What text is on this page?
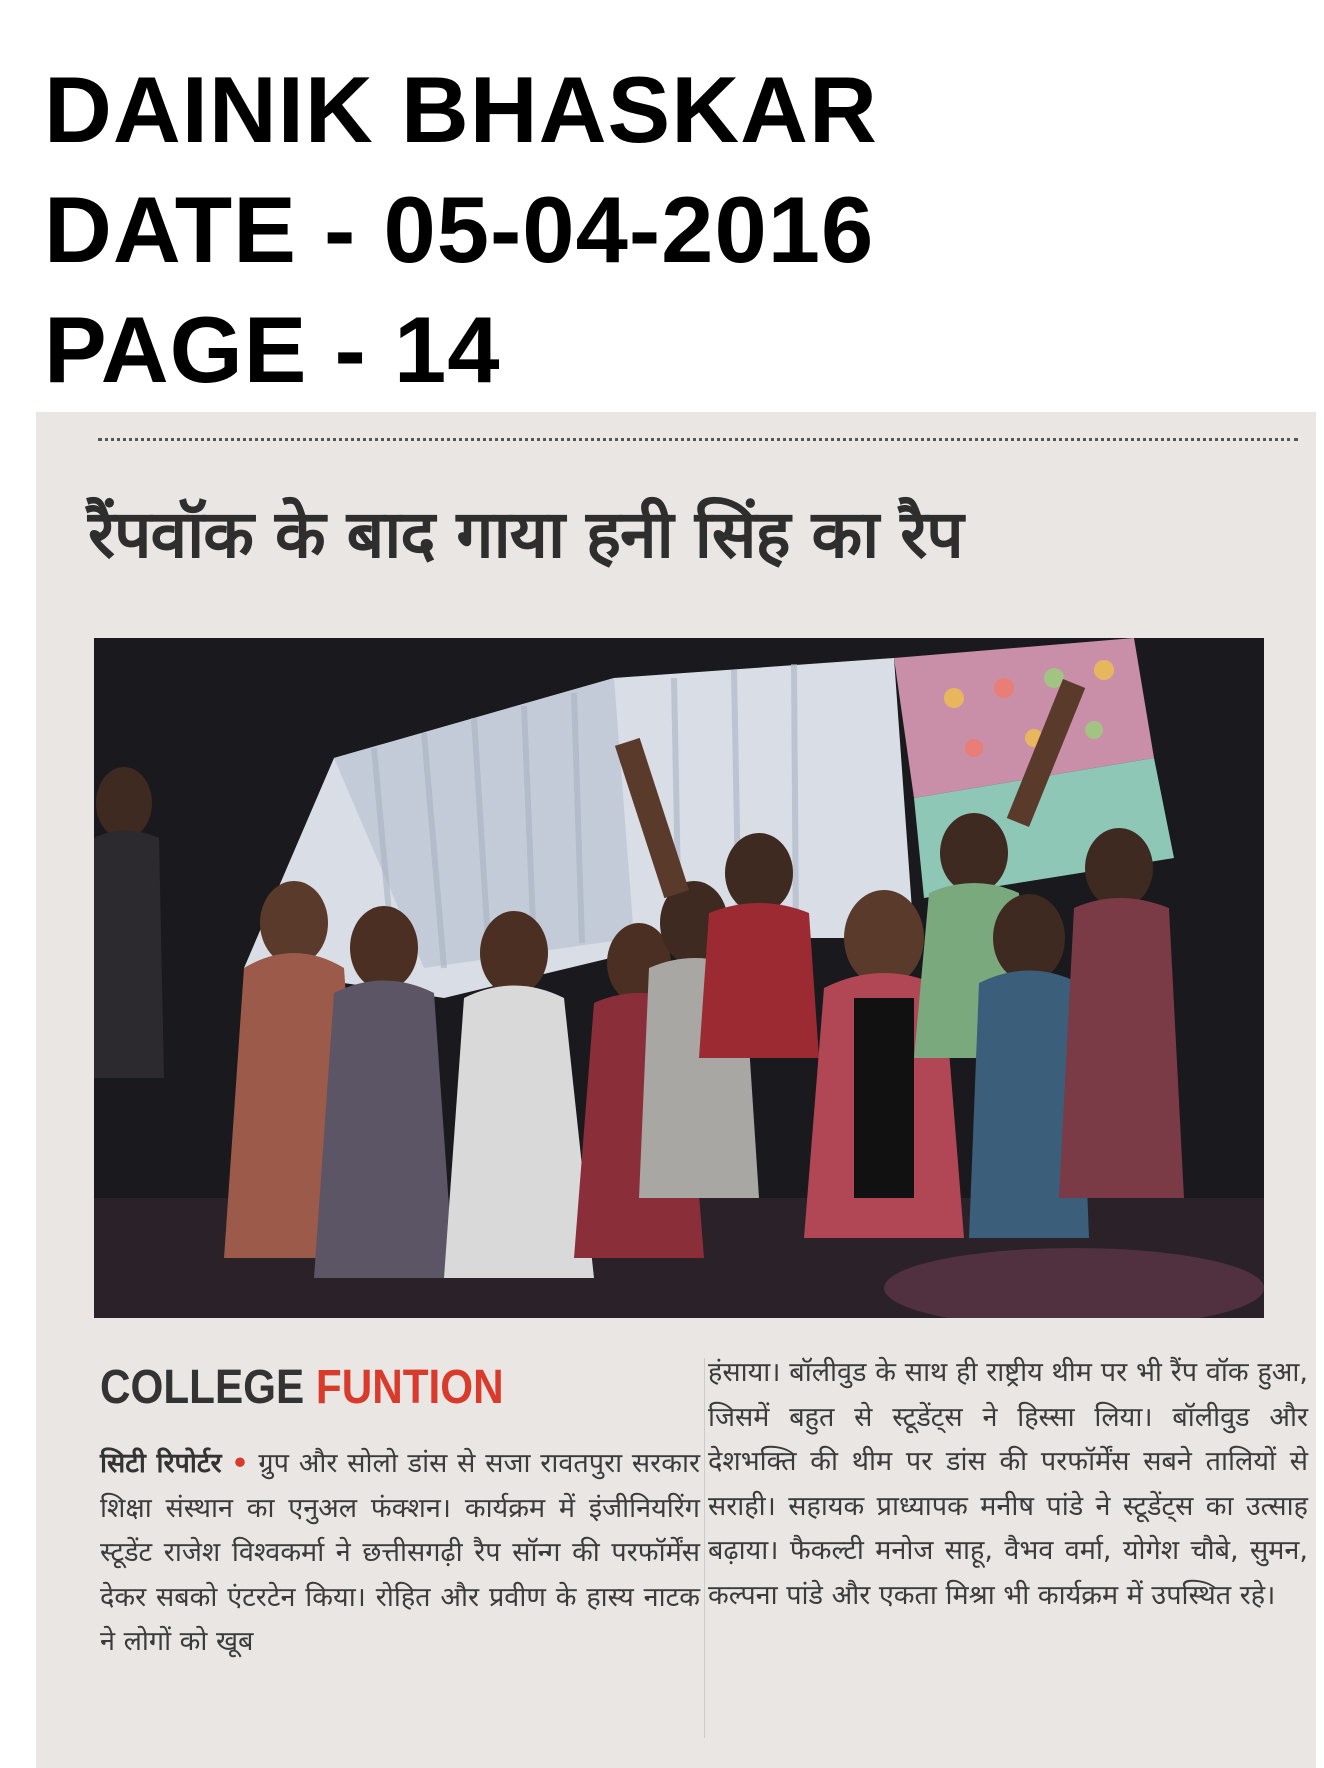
DAINIK BHASKAR
DATE - 05-04-2016
PAGE - 14
रैंपवॉक के बाद गाया हनी सिंह का रैप
COLLEGE FUNTION
सिटी रिपोर्टर • ग्रुप और सोलो डांस से सजा रावतपुरा सरकार शिक्षा संस्थान का एनुअल फंक्शन। कार्यक्रम में इंजीनियरिंग स्टूडेंट राजेश विश्वकर्मा ने छत्तीसगढ़ी रैप सॉन्ग की परफॉर्मेंस देकर सबको एंटरटेन किया। रोहित और प्रवीण के हास्य नाटक ने लोगों को खूब
हंसाया। बॉलीवुड के साथ ही राष्ट्रीय थीम पर भी रैंप वॉक हुआ, जिसमें बहुत से स्टूडेंट्स ने हिस्सा लिया। बॉलीवुड और देशभक्ति की थीम पर डांस की परफॉर्मेंस सबने तालियों से सराही। सहायक प्राध्यापक मनीष पांडे ने स्टूडेंट्स का उत्साह बढ़ाया। फैकल्टी मनोज साहू, वैभव वर्मा, योगेश चौबे, सुमन, कल्पना पांडे और एकता मिश्रा भी कार्यक्रम में उपस्थित रहे।
